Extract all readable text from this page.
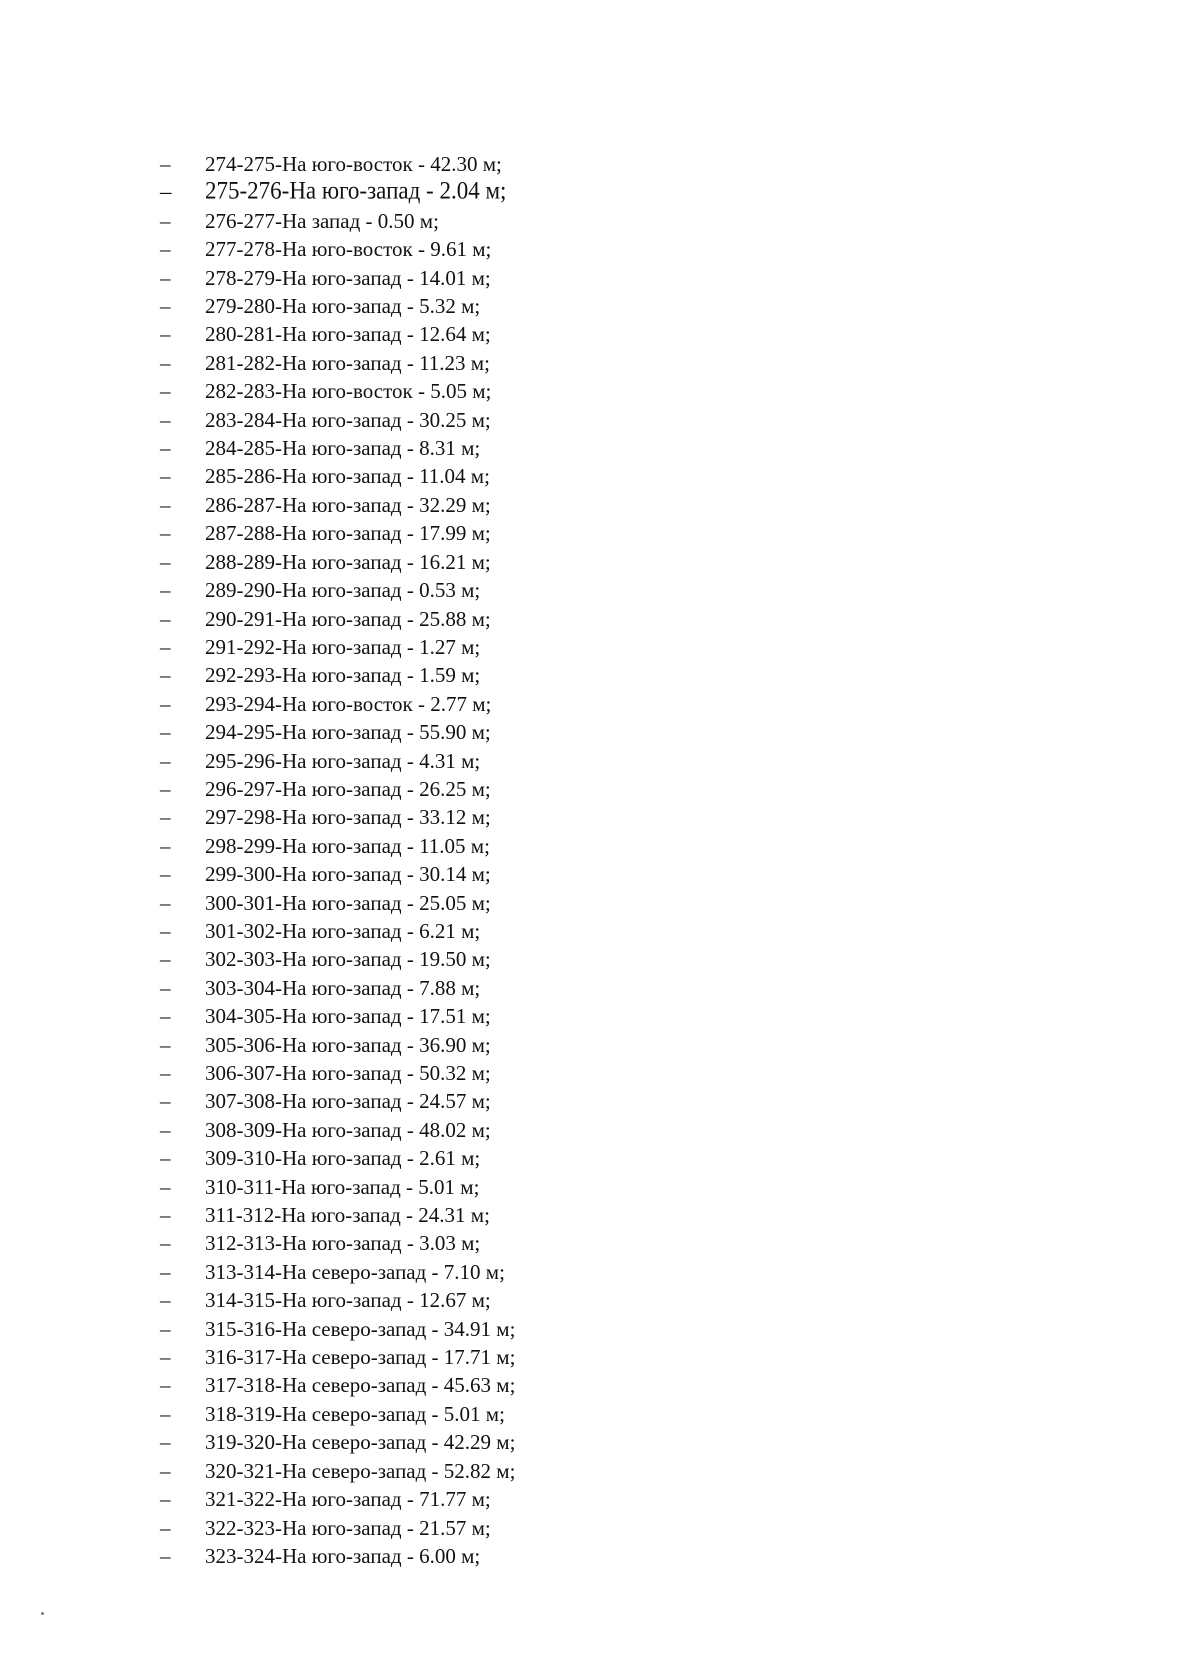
–	274-275-На юго-восток - 42.30 м;
–	275-276-На юго-запад - 2.04 м;
–	276-277-На запад - 0.50 м;
–	277-278-На юго-восток - 9.61 м;
–	278-279-На юго-запад - 14.01 м;
–	279-280-На юго-запад - 5.32 м;
–	280-281-На юго-запад - 12.64 м;
–	281-282-На юго-запад - 11.23 м;
–	282-283-На юго-восток - 5.05 м;
–	283-284-На юго-запад - 30.25 м;
–	284-285-На юго-запад - 8.31 м;
–	285-286-На юго-запад - 11.04 м;
–	286-287-На юго-запад - 32.29 м;
–	287-288-На юго-запад - 17.99 м;
–	288-289-На юго-запад - 16.21 м;
–	289-290-На юго-запад - 0.53 м;
–	290-291-На юго-запад - 25.88 м;
–	291-292-На юго-запад - 1.27 м;
–	292-293-На юго-запад - 1.59 м;
–	293-294-На юго-восток - 2.77 м;
–	294-295-На юго-запад - 55.90 м;
–	295-296-На юго-запад - 4.31 м;
–	296-297-На юго-запад - 26.25 м;
–	297-298-На юго-запад - 33.12 м;
–	298-299-На юго-запад - 11.05 м;
–	299-300-На юго-запад - 30.14 м;
–	300-301-На юго-запад - 25.05 м;
–	301-302-На юго-запад - 6.21 м;
–	302-303-На юго-запад - 19.50 м;
–	303-304-На юго-запад - 7.88 м;
–	304-305-На юго-запад - 17.51 м;
–	305-306-На юго-запад - 36.90 м;
–	306-307-На юго-запад - 50.32 м;
–	307-308-На юго-запад - 24.57 м;
–	308-309-На юго-запад - 48.02 м;
–	309-310-На юго-запад - 2.61 м;
–	310-311-На юго-запад - 5.01 м;
–	311-312-На юго-запад - 24.31 м;
–	312-313-На юго-запад - 3.03 м;
–	313-314-На северо-запад - 7.10 м;
–	314-315-На юго-запад - 12.67 м;
–	315-316-На северо-запад - 34.91 м;
–	316-317-На северо-запад - 17.71 м;
–	317-318-На северо-запад - 45.63 м;
–	318-319-На северо-запад - 5.01 м;
–	319-320-На северо-запад - 42.29 м;
–	320-321-На северо-запад - 52.82 м;
–	321-322-На юго-запад - 71.77 м;
–	322-323-На юго-запад - 21.57 м;
–	323-324-На юго-запад - 6.00 м;
